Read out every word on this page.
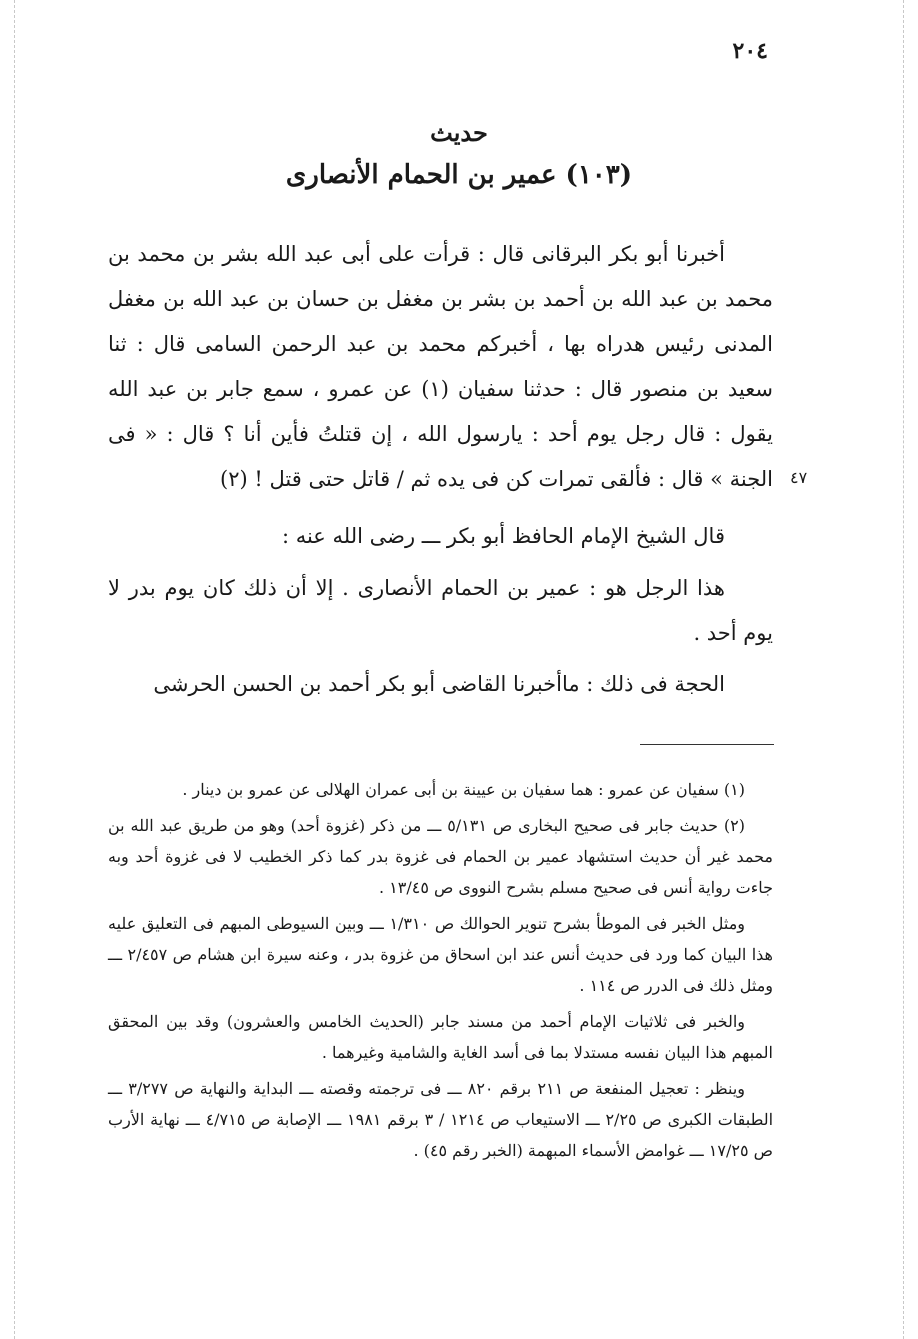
٢٠٤
حديث
(١٠٣) عمير بن الحمام الأنصارى
٤٧

أخبرنا أبو بكر البرقانى قال : قرأت على أبى عبد الله بشر بن محمد بن محمد بن عبد الله بن أحمد بن بشر بن مغفل بن حسان بن عبد الله بن مغفل المدنى رئيس هدراه بها ، أخبركم محمد بن عبد الرحمن السامى قال : ثنا سعيد بن منصور قال : حدثنا سفيان (١) عن عمرو ، سمع جابر بن عبد الله يقول : قال رجل يوم أحد : يارسول الله ، إن قتلتُ فأين أنا ؟ قال : « فى الجنة » قال : فألقى تمرات كن فى يده ثم / قاتل حتى قتل ! (٢)

قال الشيخ الإمام الحافظ أبو بكر ـــ رضى الله عنه :

هذا الرجل هو : عمير بن الحمام الأنصارى . إلا أن ذلك كان يوم بدر لا يوم أحد .

الحجة فى ذلك : ماأخبرنا القاضى أبو بكر أحمد بن الحسن الحرشى

(١) سفيان عن عمرو : هما سفيان بن عيينة بن أبى عمران الهلالى عن عمرو بن دينار .

(٢) حديث جابر فى صحيح البخارى ص ٥/١٣١ ـــ من ذكر (غزوة أحد) وهو من طريق عبد الله بن محمد غير أن حديث استشهاد عمير بن الحمام فى غزوة بدر كما ذكر الخطيب لا فى غزوة أحد وبه جاءت رواية أنس فى صحيح مسلم بشرح النووى ص ١٣/٤٥ .

ومثل الخبر فى الموطأ بشرح تنوير الحوالك ص ١/٣١٠ ـــ وبين السيوطى المبهم فى التعليق عليه هذا البيان كما ورد فى حديث أنس عند ابن اسحاق من غزوة بدر ، وعنه سيرة ابن هشام ص ٢/٤٥٧ ـــ ومثل ذلك فى الدرر ص ١١٤ .

والخبر فى ثلاثيات الإمام أحمد من مسند جابر (الحديث الخامس والعشرون) وقد بين المحقق المبهم هذا البيان نفسه مستدلا بما فى أسد الغاية والشامية وغيرهما .

وينظر : تعجيل المنفعة ص ٢١١ برقم ٨٢٠ ـــ فى ترجمته وقصته ـــ البداية والنهاية ص ٣/٢٧٧ ـــ الطبقات الكبرى ص ٢/٢٥ ـــ الاستيعاب ص ١٢١٤ / ٣ برقم ١٩٨١ ـــ الإصابة ص ٤/٧١٥ ـــ نهاية الأرب ص ١٧/٢٥ ـــ غوامض الأسماء المبهمة (الخبر رقم ٤٥) .
